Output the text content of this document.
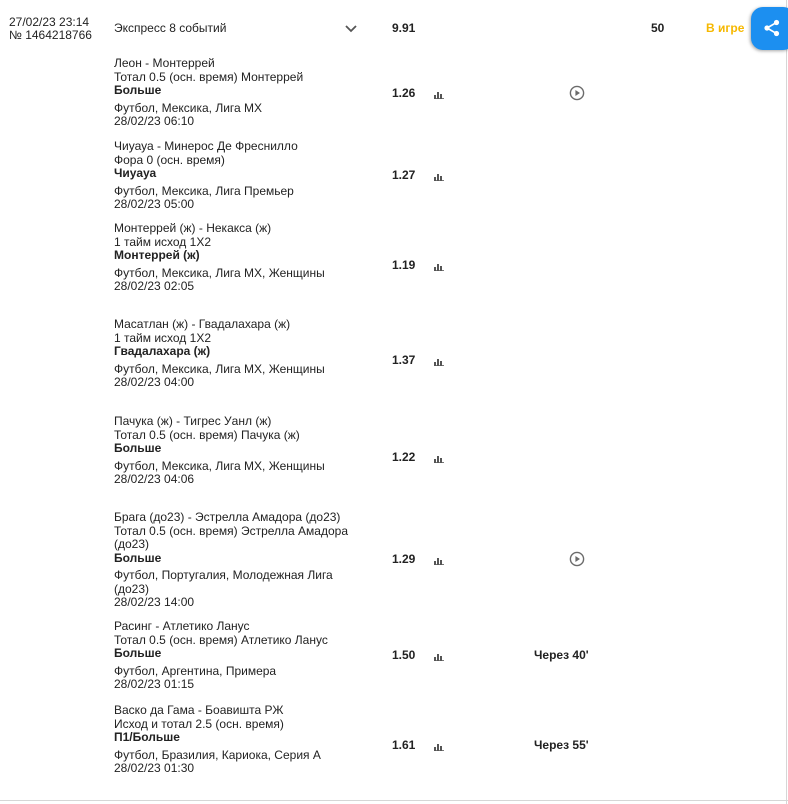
27/02/23 23:14
№ 1464218766 Экспресс 8 событий	9.91	50	В игре
Леон - Монтеррей
Тотал 0.5 (осн. время) Монтеррей
Больше
Футбол, Мексика, Лига МХ
28/02/23 06:10
1.26
Чиуауа - Минерос Де Фреснилло
Фора 0 (осн. время)
Чиуауа
Футбол, Мексика, Лига Премьер
28/02/23 05:00
1.27
Монтеррей (ж) - Некакса (ж)
1 тайм исход 1Х2
Монтеррей (ж)
Футбол, Мексика, Лига МХ, Женщины
28/02/23 02:05
1.19
Масатлан (ж) - Гвадалахара (ж)
1 тайм исход 1Х2
Гвадалахара (ж)
Футбол, Мексика, Лига МХ, Женщины
28/02/23 04:00
1.37
Пачука (ж) - Тигрес Уанл (ж)
Тотал 0.5 (осн. время) Пачука (ж)
Больше
Футбол, Мексика, Лига МХ, Женщины
28/02/23 04:06
1.22
Брага (до23) - Эстрелла Амадора (до23)
Тотал 0.5 (осн. время) Эстрелла Амадора (до23)
Больше
Футбол, Португалия, Молодежная Лига (до23)
28/02/23 14:00
1.29
Расинг - Атлетико Ланус
Тотал 0.5 (осн. время) Атлетико Ланус
Больше
Футбол, Аргентина, Примера
28/02/23 01:15
1.50	Через 40'
Васко да Гама - Боавишта РЖ
Исход и тотал 2.5 (осн. время)
П1/Больше
Футбол, Бразилия, Кариока, Серия А
28/02/23 01:30
1.61	Через 55'
